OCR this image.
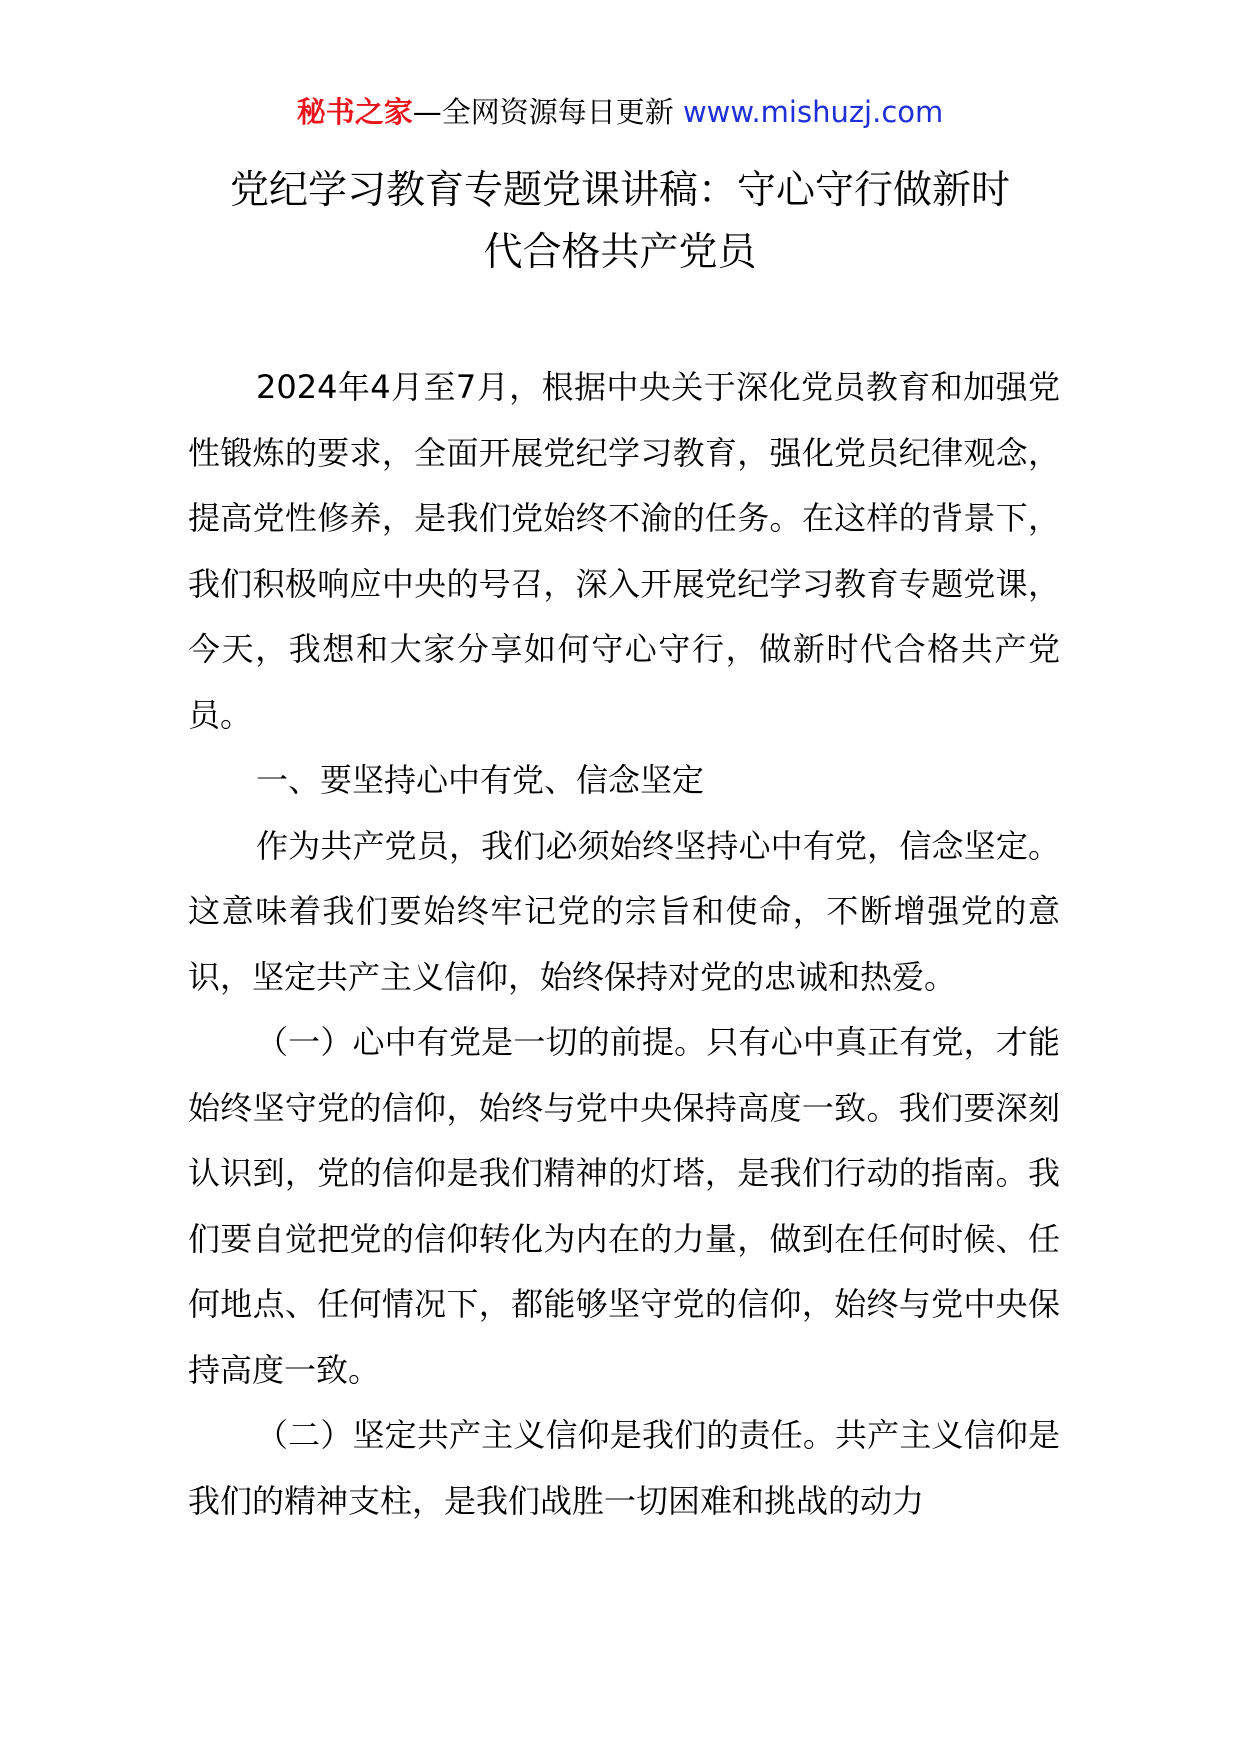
秘书之家—全网资源每日更新 www.mishuzj.com
党纪学习教育专题党课讲稿：守心守行做新时
代合格共产党员

2024年4月至7月，根据中央关于深化党员教育和加强党性锻炼的要求，全面开展党纪学习教育，强化党员纪律观念，提高党性修养，是我们党始终不渝的任务。在这样的背景下，我们积极响应中央的号召，深入开展党纪学习教育专题党课，今天，我想和大家分享如何守心守行，做新时代合格共产党员。

一、要坚持心中有党、信念坚定

作为共产党员，我们必须始终坚持心中有党，信念坚定。这意味着我们要始终牢记党的宗旨和使命，不断增强党的意识，坚定共产主义信仰，始终保持对党的忠诚和热爱。

（一）心中有党是一切的前提。只有心中真正有党，才能始终坚守党的信仰，始终与党中央保持高度一致。我们要深刻认识到，党的信仰是我们精神的灯塔，是我们行动的指南。我们要自觉把党的信仰转化为内在的力量，做到在任何时候、任何地点、任何情况下，都能够坚守党的信仰，始终与党中央保持高度一致。

（二）坚定共产主义信仰是我们的责任。共产主义信仰是我们的精神支柱，是我们战胜一切困难和挑战的动力
